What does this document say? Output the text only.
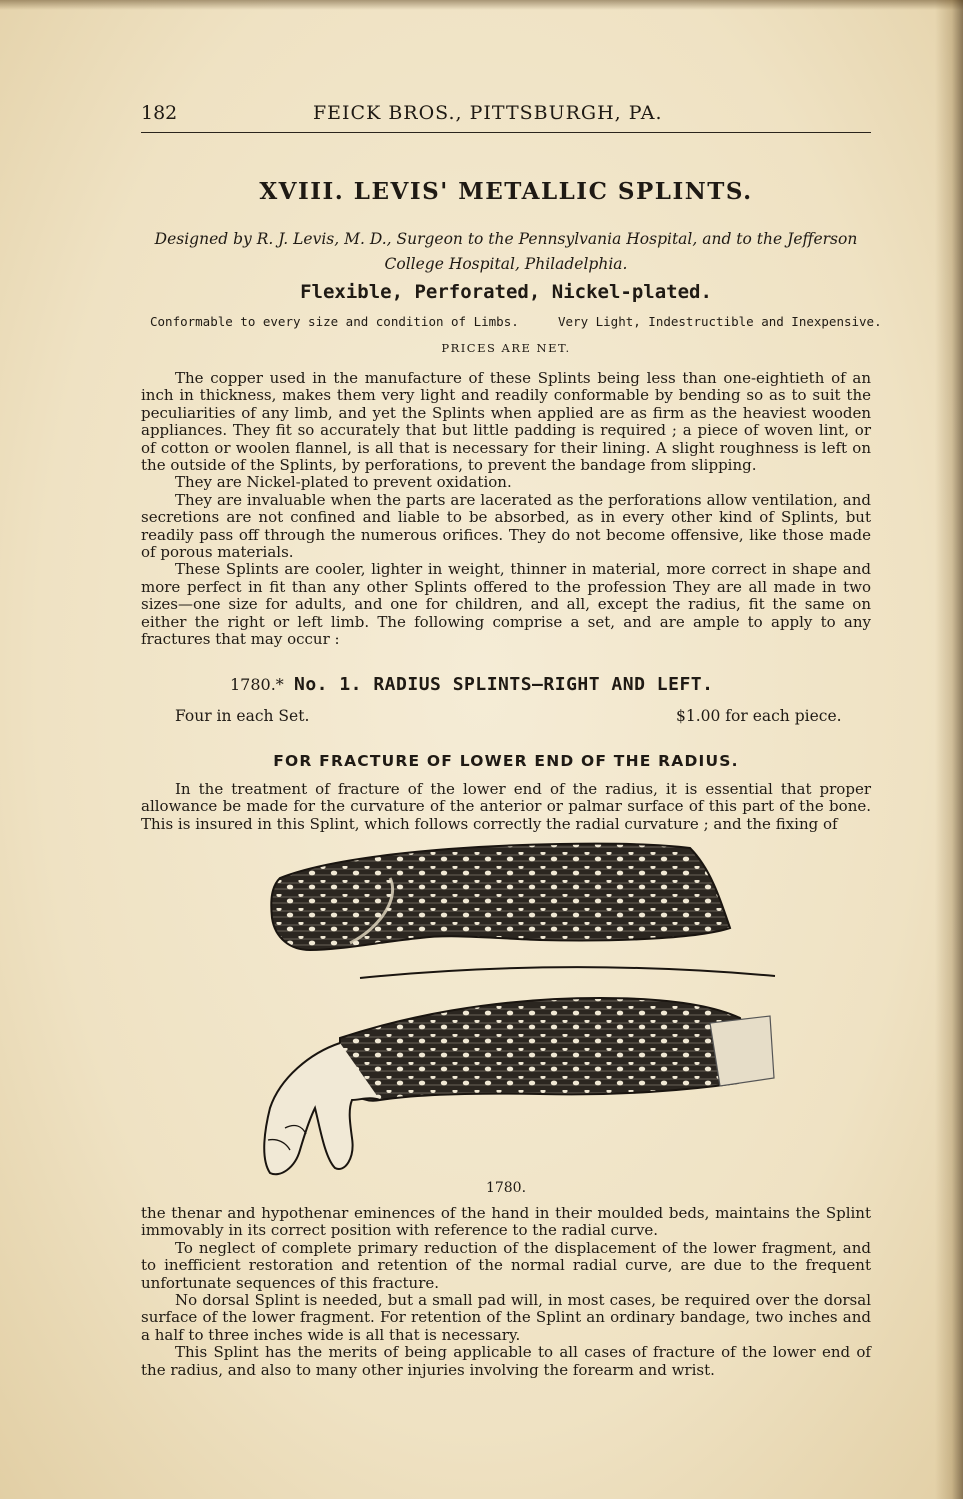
182	FEICK BROS., PITTSBURGH, PA.
XVIII. LEVIS' METALLIC SPLINTS.
Designed by R. J. Levis, M. D., Surgeon to the Pennsylvania Hospital, and to the Jefferson
College Hospital, Philadelphia.
Flexible, Perforated, Nickel-plated.
Conformable to every size and condition of Limbs.	Very Light, Indestructible and Inexpensive.
PRICES ARE NET.

The copper used in the manufacture of these Splints being less than one-eightieth of an inch in thickness, makes them very light and readily conformable by bending so as to suit the peculiarities of any limb, and yet the Splints when applied are as firm as the heaviest wooden appliances. They fit so accurately that but little padding is required ; a piece of woven lint, or of cotton or woolen flannel, is all that is necessary for their lining. A slight roughness is left on the outside of the Splints, by perforations, to prevent the bandage from slipping.

They are Nickel-plated to prevent oxidation.

They are invaluable when the parts are lacerated as the perforations allow ventilation, and secretions are not confined and liable to be absorbed, as in every other kind of Splints, but readily pass off through the numerous orifices. They do not become offensive, like those made of porous materials.

These Splints are cooler, lighter in weight, thinner in material, more correct in shape and more perfect in fit than any other Splints offered to the profession They are all made in two sizes—one size for adults, and one for children, and all, except the radius, fit the same on either the right or left limb. The following comprise a set, and are ample to apply to any fractures that may occur :

1780.* No. 1. RADIUS SPLINTS—RIGHT AND LEFT.
Four in each Set.	$1.00 for each piece.
FOR FRACTURE OF LOWER END OF THE RADIUS.

In the treatment of fracture of the lower end of the radius, it is essential that proper allowance be made for the curvature of the anterior or palmar surface of this part of the bone. This is insured in this Splint, which follows correctly the radial curvature ; and the fixing of

1780.

the thenar and hypothenar eminences of the hand in their moulded beds, maintains the Splint immovably in its correct position with reference to the radial curve.

To neglect of complete primary reduction of the displacement of the lower fragment, and to inefficient restoration and retention of the normal radial curve, are due to the frequent unfortunate sequences of this fracture.

No dorsal Splint is needed, but a small pad will, in most cases, be required over the dorsal surface of the lower fragment. For retention of the Splint an ordinary bandage, two inches and a half to three inches wide is all that is necessary.

This Splint has the merits of being applicable to all cases of fracture of the lower end of the radius, and also to many other injuries involving the forearm and wrist.
